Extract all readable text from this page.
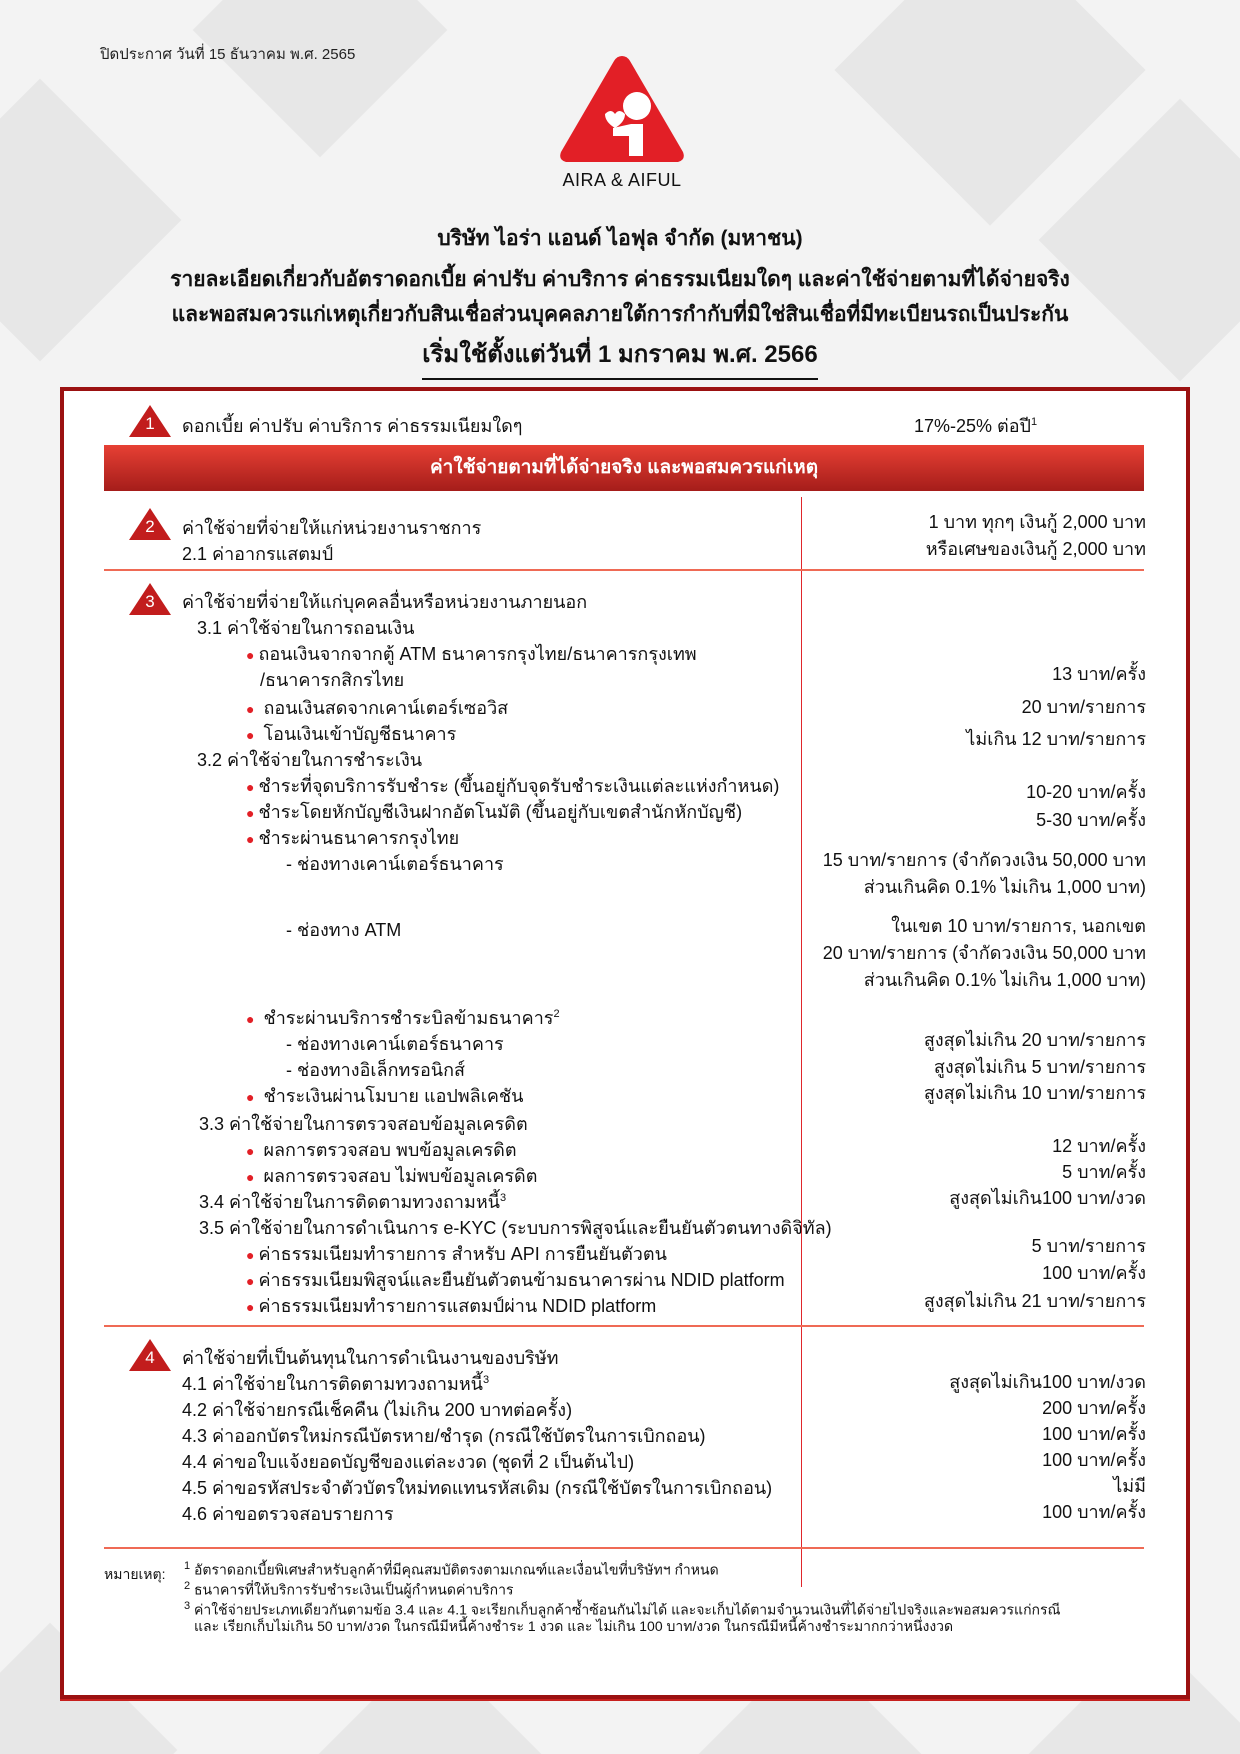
ปิดประกาศ วันที่ 15 ธันวาคม พ.ศ. 2565
AIRA & AIFUL
บริษัท ไอร่า แอนด์ ไอฟุล จำกัด (มหาชน)
รายละเอียดเกี่ยวกับอัตราดอกเบี้ย ค่าปรับ ค่าบริการ ค่าธรรมเนียมใดๆ และค่าใช้จ่ายตามที่ได้จ่ายจริง
และพอสมควรแก่เหตุเกี่ยวกับสินเชื่อส่วนบุคคลภายใต้การกำกับที่มิใช่สินเชื่อที่มีทะเบียนรถเป็นประกัน
เริ่มใช้ตั้งแต่วันที่ 1 มกราคม พ.ศ. 2566
1	ดอกเบี้ย ค่าปรับ ค่าบริการ ค่าธรรมเนียมใดๆ	17%-25% ต่อปี$^1$
ค่าใช้จ่ายตามที่ได้จ่ายจริง และพอสมควรแก่เหตุ
2	ค่าใช้จ่ายที่จ่ายให้แก่หน่วยงานราชการ
2.1 ค่าอากรแสตมป์
1 บาท ทุกๆ เงินกู้ 2,000 บาท
หรือเศษของเงินกู้ 2,000 บาท
3	ค่าใช้จ่ายที่จ่ายให้แก่บุคคลอื่นหรือหน่วยงานภายนอก
3.1 ค่าใช้จ่ายในการถอนเงิน
● ถอนเงินจากจากตู้ ATM ธนาคารกรุงไทย/ธนาคารกรุงเทพ
/ธนาคารกสิกรไทย	13 บาท/ครั้ง
● ถอนเงินสดจากเคาน์เตอร์เซอวิส	20 บาท/รายการ
● โอนเงินเข้าบัญชีธนาคาร	ไม่เกิน 12 บาท/รายการ
3.2 ค่าใช้จ่ายในการชำระเงิน
● ชำระที่จุดบริการรับชำระ (ขึ้นอยู่กับจุดรับชำระเงินแต่ละแห่งกำหนด)	10-20 บาท/ครั้ง
● ชำระโดยหักบัญชีเงินฝากอัตโนมัติ (ขึ้นอยู่กับเขตสำนักหักบัญชี)	5-30 บาท/ครั้ง
● ชำระผ่านธนาคารกรุงไทย
- ช่องทางเคาน์เตอร์ธนาคาร	15 บาท/รายการ (จำกัดวงเงิน 50,000 บาท
ส่วนเกินคิด 0.1% ไม่เกิน 1,000 บาท)
- ช่องทาง ATM	ในเขต 10 บาท/รายการ, นอกเขต
20 บาท/รายการ (จำกัดวงเงิน 50,000 บาท
ส่วนเกินคิด 0.1% ไม่เกิน 1,000 บาท)
● ชำระผ่านบริการชำระบิลข้ามธนาคาร$^2$
- ช่องทางเคาน์เตอร์ธนาคาร	สูงสุดไม่เกิน 20 บาท/รายการ
- ช่องทางอิเล็กทรอนิกส์	สูงสุดไม่เกิน 5 บาท/รายการ
● ชำระเงินผ่านโมบาย แอปพลิเคชัน	สูงสุดไม่เกิน 10 บาท/รายการ
3.3 ค่าใช้จ่ายในการตรวจสอบข้อมูลเครดิต
● ผลการตรวจสอบ พบข้อมูลเครดิต	12 บาท/ครั้ง
● ผลการตรวจสอบ ไม่พบข้อมูลเครดิต	5 บาท/ครั้ง
3.4 ค่าใช้จ่ายในการติดตามทวงถามหนี้$^3$	สูงสุดไม่เกิน100 บาท/งวด
3.5 ค่าใช้จ่ายในการดำเนินการ e-KYC (ระบบการพิสูจน์และยืนยันตัวตนทางดิจิทัล)
● ค่าธรรมเนียมทำรายการ สำหรับ API การยืนยันตัวตน	5 บาท/รายการ
● ค่าธรรมเนียมพิสูจน์และยืนยันตัวตนข้ามธนาคารผ่าน NDID platform	100 บาท/ครั้ง
● ค่าธรรมเนียมทำรายการแสตมป์ผ่าน NDID platform	สูงสุดไม่เกิน 21 บาท/รายการ
4	ค่าใช้จ่ายที่เป็นต้นทุนในการดำเนินงานของบริษัท
4.1 ค่าใช้จ่ายในการติดตามทวงถามหนี้$^3$	สูงสุดไม่เกิน100 บาท/งวด
4.2 ค่าใช้จ่ายกรณีเช็คคืน (ไม่เกิน 200 บาทต่อครั้ง)	200 บาท/ครั้ง
4.3 ค่าออกบัตรใหม่กรณีบัตรหาย/ชำรุด (กรณีใช้บัตรในการเบิกถอน)	100 บาท/ครั้ง
4.4 ค่าขอใบแจ้งยอดบัญชีของแต่ละงวด (ชุดที่ 2 เป็นต้นไป)	100 บาท/ครั้ง
4.5 ค่าขอรหัสประจำตัวบัตรใหม่ทดแทนรหัสเดิม (กรณีใช้บัตรในการเบิกถอน)	ไม่มี
4.6 ค่าขอตรวจสอบรายการ	100 บาท/ครั้ง
หมายเหตุ: $^1$ อัตราดอกเบี้ยพิเศษสำหรับลูกค้าที่มีคุณสมบัติตรงตามเกณฑ์และเงื่อนไขที่บริษัทฯ กำหนด
$^2$ ธนาคารที่ให้บริการรับชำระเงินเป็นผู้กำหนดค่าบริการ
$^3$ ค่าใช้จ่ายประเภทเดียวกันตามข้อ 3.4 และ 4.1 จะเรียกเก็บลูกค้าซ้ำซ้อนกันไม่ได้ และจะเก็บได้ตามจำนวนเงินที่ได้จ่ายไปจริงและพอสมควรแก่กรณี
และ เรียกเก็บไม่เกิน 50 บาท/งวด ในกรณีมีหนี้ค้างชำระ 1 งวด และ ไม่เกิน 100 บาท/งวด ในกรณีมีหนี้ค้างชำระมากกว่าหนึ่งงวด
